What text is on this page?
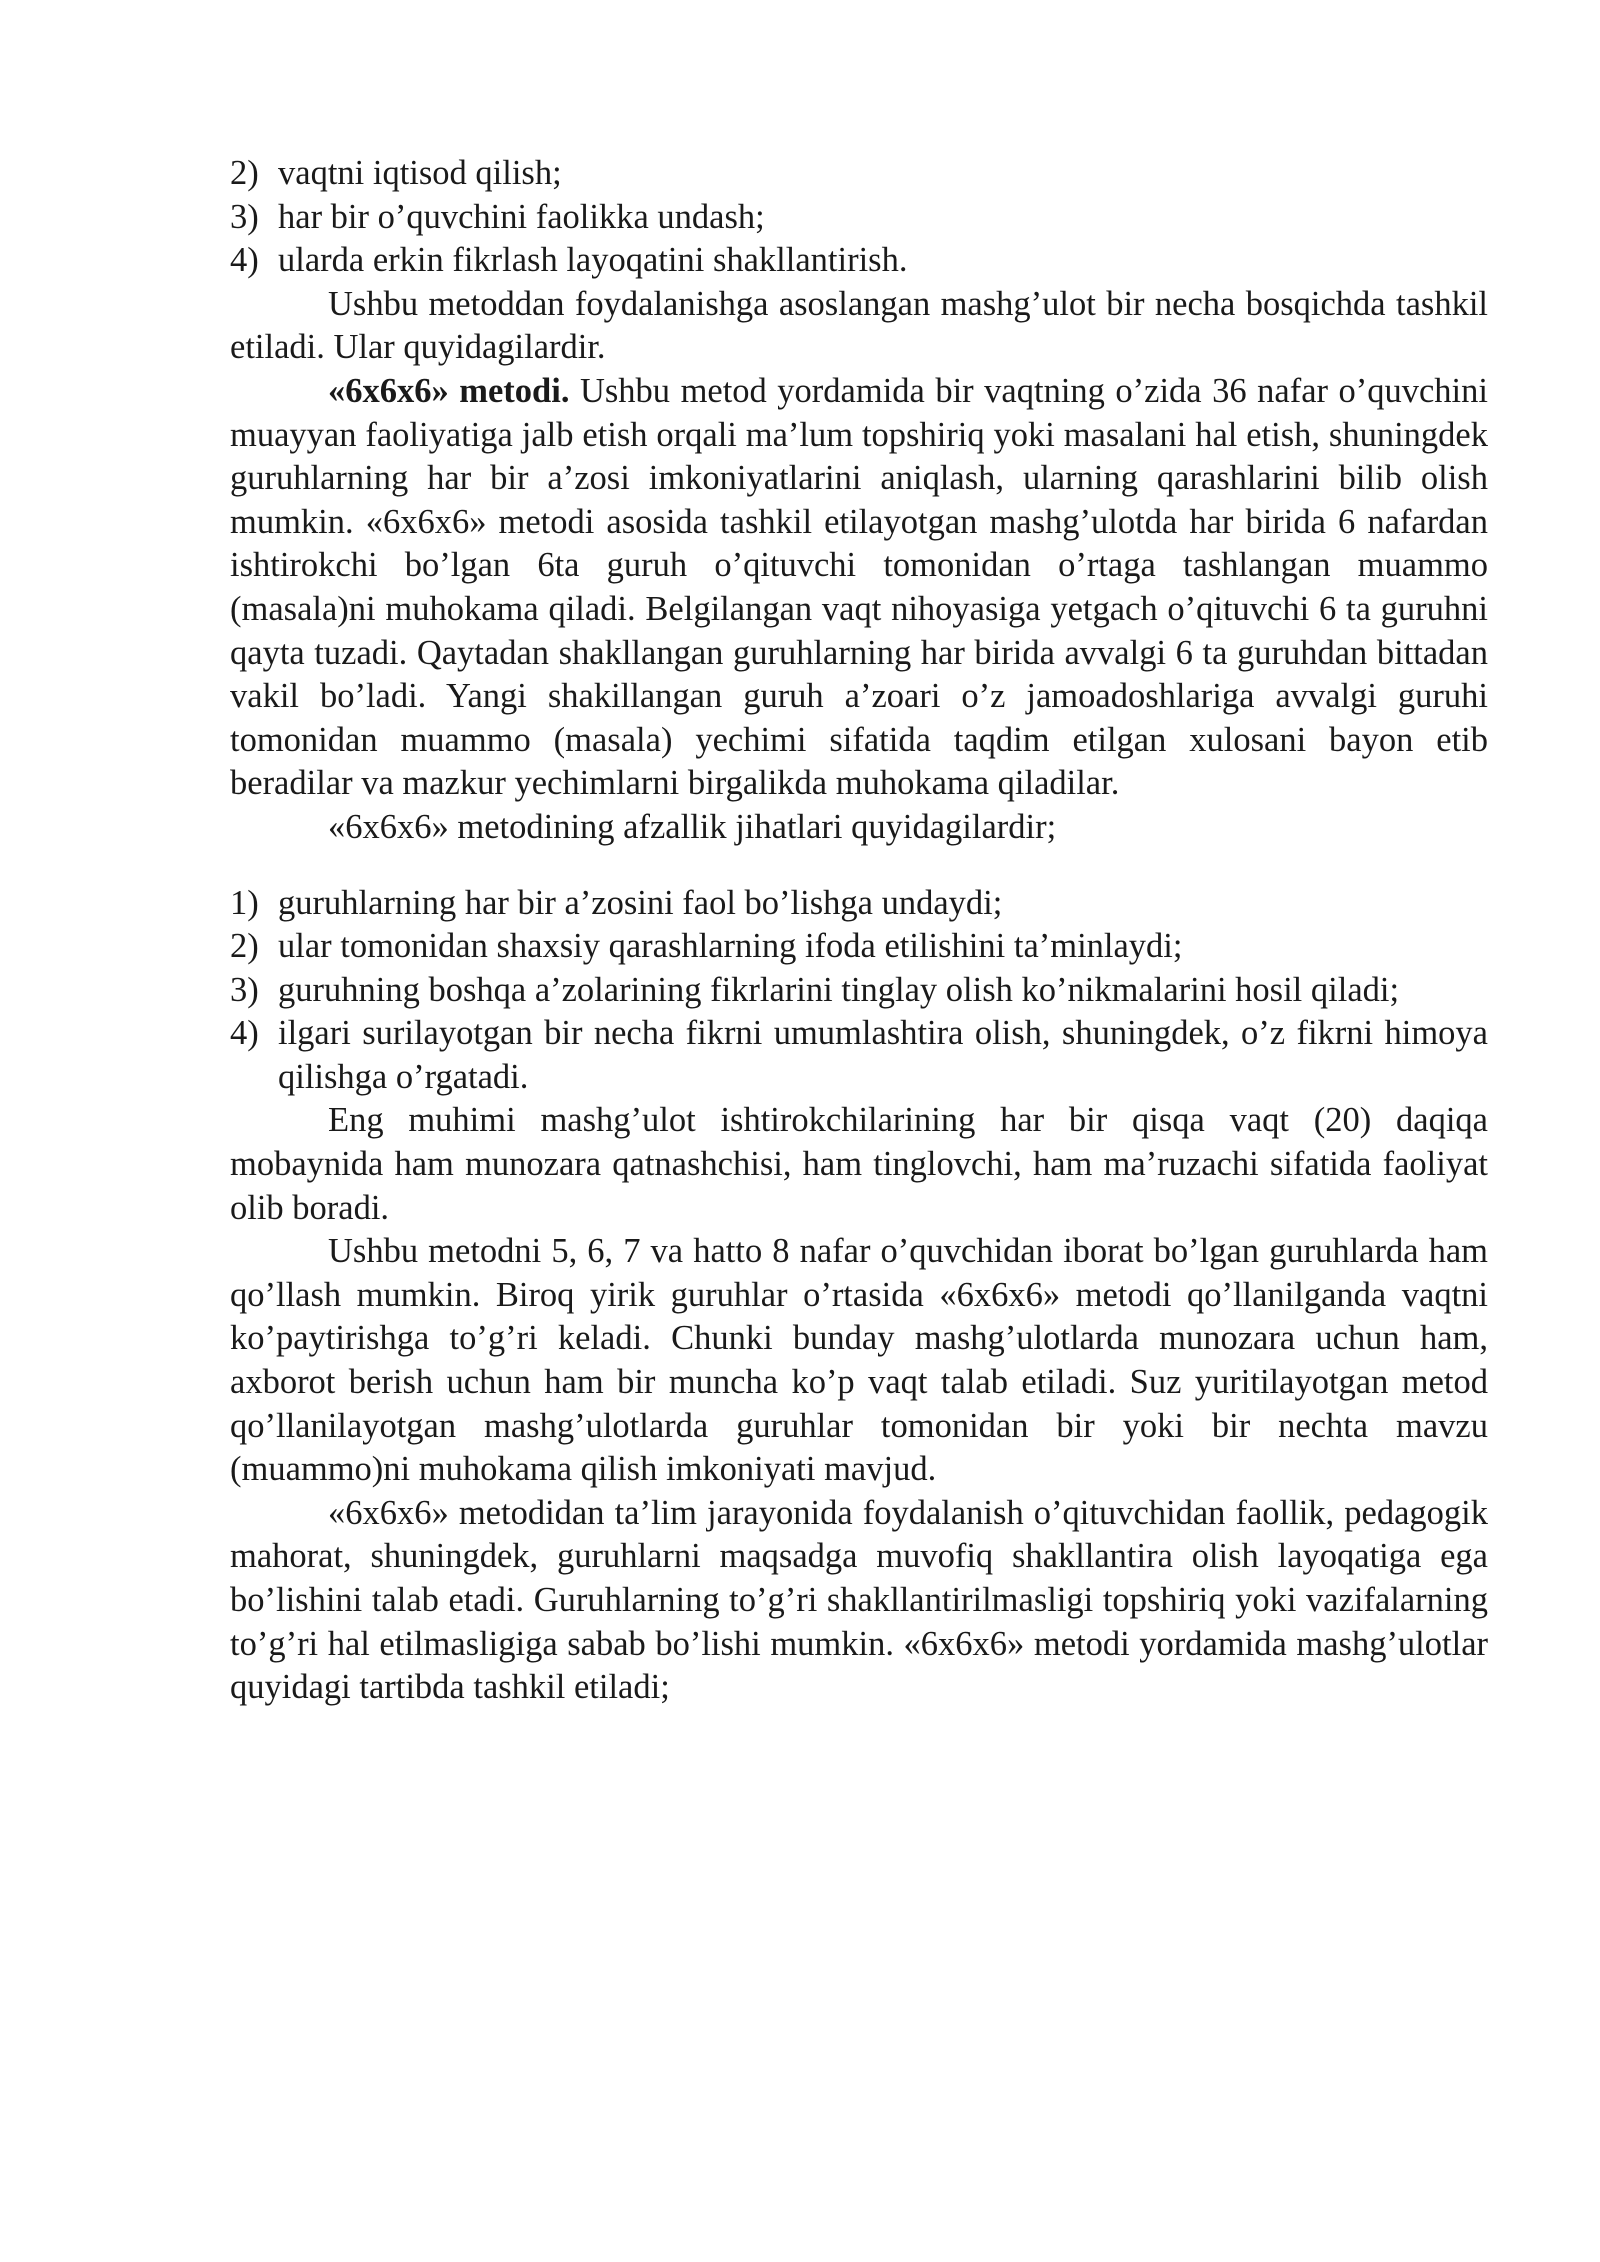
2) vaqtni iqtisod qilish;
3) har bir o’quvchini faolikka undash;
4) ularda erkin fikrlash layoqatini shakllantirish.

Ushbu metoddan foydalanishga asoslangan mashg’ulot bir necha bosqichda tashkil etiladi. Ular quyidagilardir.

«6x6x6» metodi. Ushbu metod yordamida bir vaqtning o’zida 36 nafar o’quvchini muayyan faoliyatiga jalb etish orqali ma’lum topshiriq yoki masalani hal etish, shuningdek guruhlarning har bir a’zosi imkoniyatlarini aniqlash, ularning qarashlarini bilib olish mumkin. «6x6x6» metodi asosida tashkil etilayotgan mashg’ulotda har birida 6 nafardan ishtirokchi bo’lgan 6ta guruh o’qituvchi tomonidan o’rtaga tashlangan muammo (masala)ni muhokama qiladi. Belgilangan vaqt nihoyasiga yetgach o’qituvchi 6 ta guruhni qayta tuzadi. Qaytadan shakllangan guruhlarning har birida avvalgi 6 ta guruhdan bittadan vakil bo’ladi. Yangi shakillangan guruh a’zoari o’z jamoadoshlariga avvalgi guruhi tomonidan muammo (masala) yechimi sifatida taqdim etilgan xulosani bayon etib beradilar va mazkur yechimlarni birgalikda muhokama qiladilar.

«6x6x6» metodining afzallik jihatlari quyidagilardir;

1) guruhlarning har bir a’zosini faol bo’lishga undaydi;
2) ular tomonidan shaxsiy qarashlarning ifoda etilishini ta’minlaydi;
3) guruhning boshqa a’zolarining fikrlarini tinglay olish ko’nikmalarini hosil qiladi;
4) ilgari surilayotgan bir necha fikrni umumlashtira olish, shuningdek, o’z fikrni himoya qilishga o’rgatadi.

Eng muhimi mashg’ulot ishtirokchilarining har bir qisqa vaqt (20) daqiqa mobaynida ham munozara qatnashchisi, ham tinglovchi, ham ma’ruzachi sifatida faoliyat olib boradi.

Ushbu metodni 5, 6, 7 va hatto 8 nafar o’quvchidan iborat bo’lgan guruhlarda ham qo’llash mumkin. Biroq yirik guruhlar o’rtasida «6x6x6» metodi qo’llanilganda vaqtni ko’paytirishga to’g’ri keladi. Chunki bunday mashg’ulotlarda munozara uchun ham, axborot berish uchun ham bir muncha ko’p vaqt talab etiladi. Suz yuritilayotgan metod qo’llanilayotgan mashg’ulotlarda guruhlar tomonidan bir yoki bir nechta mavzu (muammo)ni muhokama qilish imkoniyati mavjud.

«6x6x6» metodidan ta’lim jarayonida foydalanish o’qituvchidan faollik, pedagogik mahorat, shuningdek, guruhlarni maqsadga muvofiq shakllantira olish layoqatiga ega bo’lishini talab etadi. Guruhlarning to’g’ri shakllantirilmasligi topshiriq yoki vazifalarning to’g’ri hal etilmasligiga sabab bo’lishi mumkin. «6x6x6» metodi yordamida mashg’ulotlar quyidagi tartibda tashkil etiladi;
